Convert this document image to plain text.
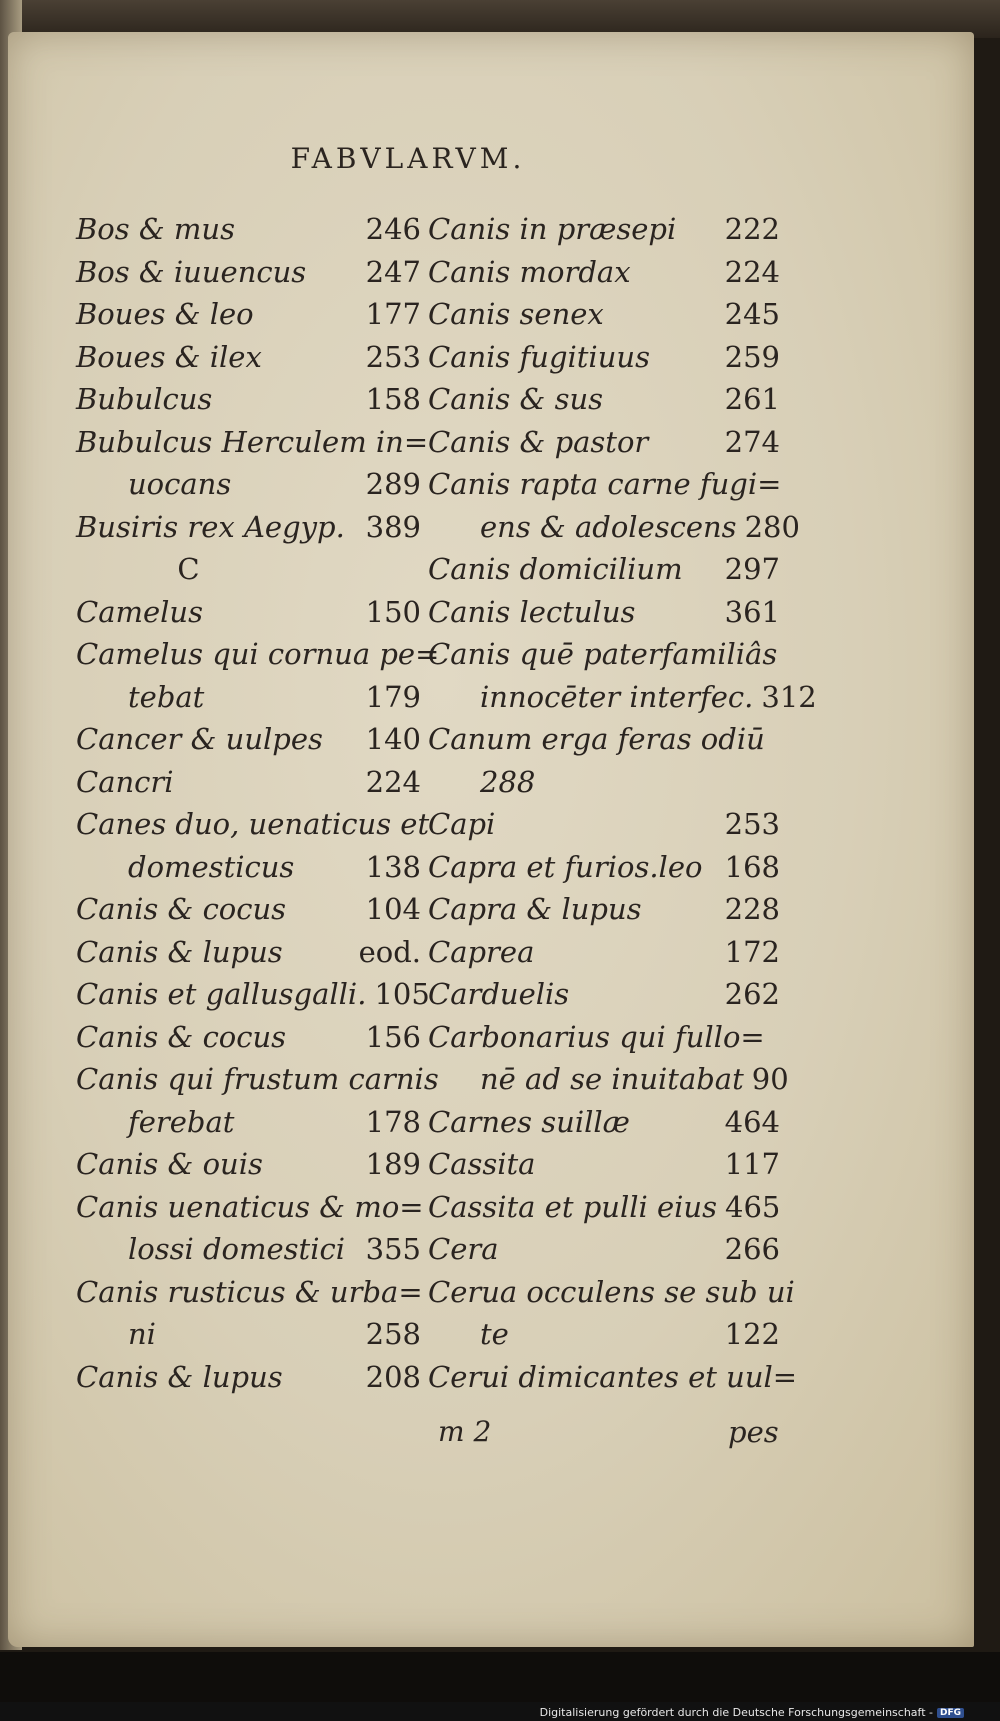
FABVLARVM.
Bos & mus	246
Bos & iuuencus	247
Boues & leo	177
Boues & ilex	253
Bubulcus	158
Bubulcus Herculem in=
uocans	289
Busiris rex Aegyp. 389
C
Camelus	150
Camelus qui cornua pe=
tebat	179
Cancer & uulpes	140
Cancri	224
Canes duo, uenaticus et
domesticus	138
Canis & cocus	104
Canis & lupus	eod.
Canis et gallusgalli. 105
Canis & cocus	156
Canis qui frustum carnis
ferebat	178
Canis & ouis	189
Canis uenaticus & mo=
lossi domestici 355
Canis rusticus & urba=
ni	258
Canis & lupus	208
Canis in præsepi	222
Canis mordax	224
Canis senex	245
Canis fugitiuus	259
Canis & sus	261
Canis & pastor	274
Canis rapta carne fugi=
ens & adolescens 280
Canis domicilium	297
Canis lectulus	361
Canis quē paterfamiliâs
innocēter interfec. 312
Canum erga feras odiū
288
Capi	253
Capra et furios.leo 168
Capra & lupus	228
Caprea	172
Carduelis	262
Carbonarius qui fullo=
nē ad se inuitabat 90
Carnes suillæ	464
Cassita	117
Cassita et pulli eius 465
Cera	266
Cerua occulens se sub ui
te	122
Cerui dimicantes et uul=
m 2	pes
Digitalisierung gefördert durch die Deutsche Forschungsgemeinschaft - DFG
